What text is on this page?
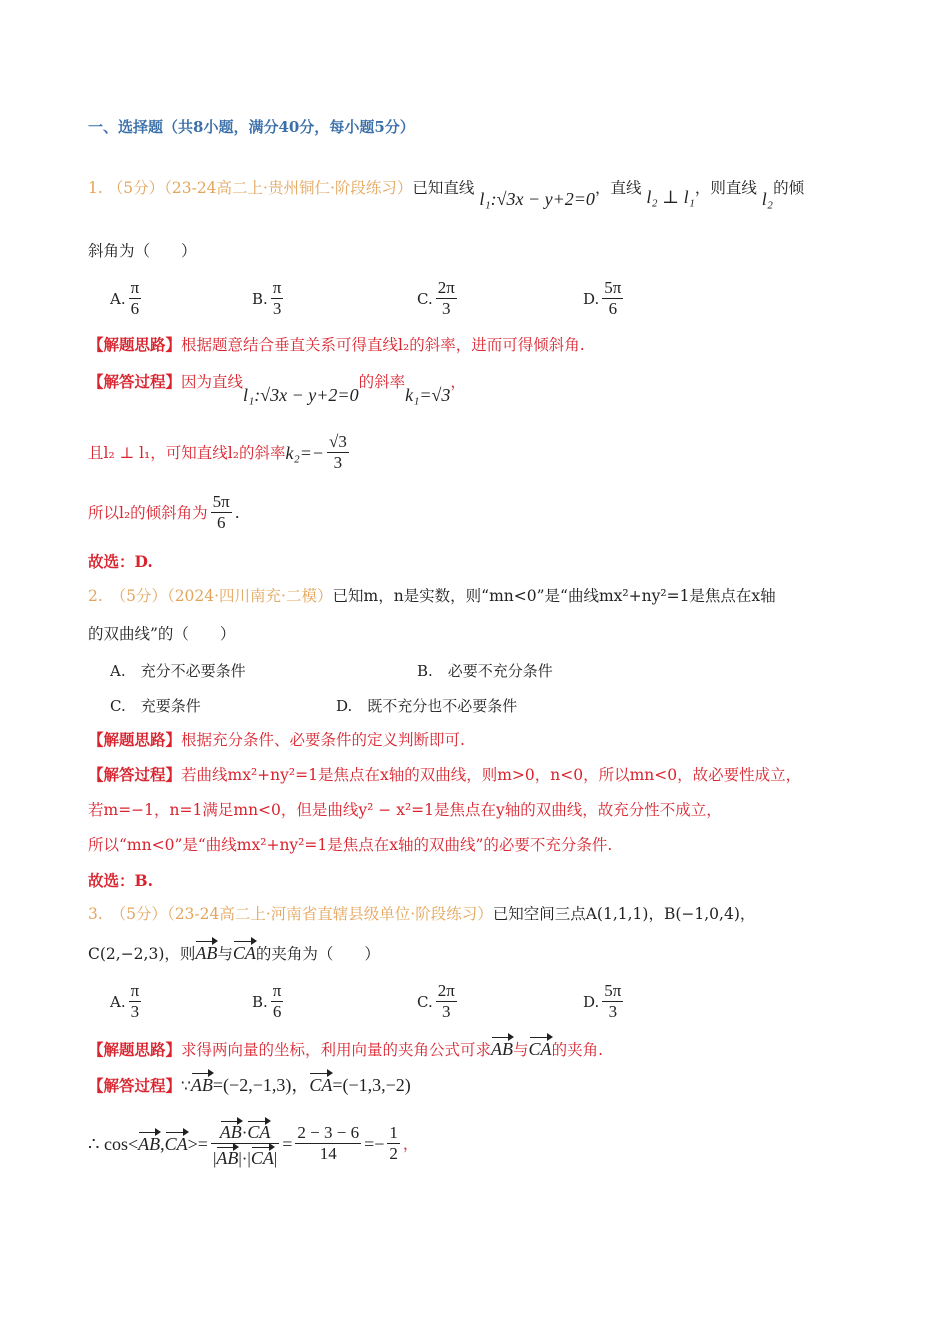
一、选择题（共8小题，满分40分，每小题5分）
1. （5分）（23-24高二上·贵州铜仁·阶段练习）已知直线 l₁:√3x − y+2=0，直线 l₂ ⊥ l₁，则直线 l₂的倾
斜角为（　　）
A. $\frac{\pi}{6}$	B. $\frac{\pi}{3}$	C. $\frac{2\pi}{3}$	D. $\frac{5\pi}{6}$
【解题思路】根据题意结合垂直关系可得直线l₂的斜率，进而可得倾斜角.
【解答过程】因为直线l₁:√3x − y+2=0的斜率k₁=√3，
且l₂ ⊥ l₁，可知直线l₂的斜率 $k_2=- \frac{√3}{3}$
所以l₂的倾斜角为 $\frac{5\pi}{6}$ .
故选：D.
2.　 （5分）（2024·四川南充·二模）已知m，n是实数，则“mn<0”是“曲线mx²+ny²=1是焦点在x轴
的双曲线”的（　　）
A.　充分不必要条件	B.　必要不充分条件
C.　充要条件	D.　既不充分也不必要条件
【解题思路】根据充分条件、必要条件的定义判断即可.
【解答过程】若曲线mx²+ny²=1是焦点在x轴的双曲线，则m>0，n<0，所以mn<0，故必要性成立，
若m=−1，n=1满足mn<0，但是曲线y² − x²=1是焦点在y轴的双曲线，故充分性不成立，
所以“mn<0”是“曲线mx²+ny²=1是焦点在x轴的双曲线”的必要不充分条件.
故选：B.
3.　 （5分）（23-24高二上·河南省直辖县级单位·阶段练习）已知空间三点A(1,1,1)，B(−1,0,4)，
C(2,−2,3)，则AB与CA的夹角为（　　）
A. $\frac{\pi}{3}$	B. $\frac{\pi}{6}$	C. $\frac{2\pi}{3}$	D. $\frac{5\pi}{3}$
【解题思路】求得两向量的坐标，利用向量的夹角公式可求AB与CA的夹角.
【解答过程】∵AB=(−2,−1,3)，CA=(−1,3,−2)
∴ cos< AB , CA >= $\frac{AB\cdot CA}{|AB|\cdot|CA|} = \frac{2 - 3 - 6}{14} =- \frac{1}{2}$ ，
